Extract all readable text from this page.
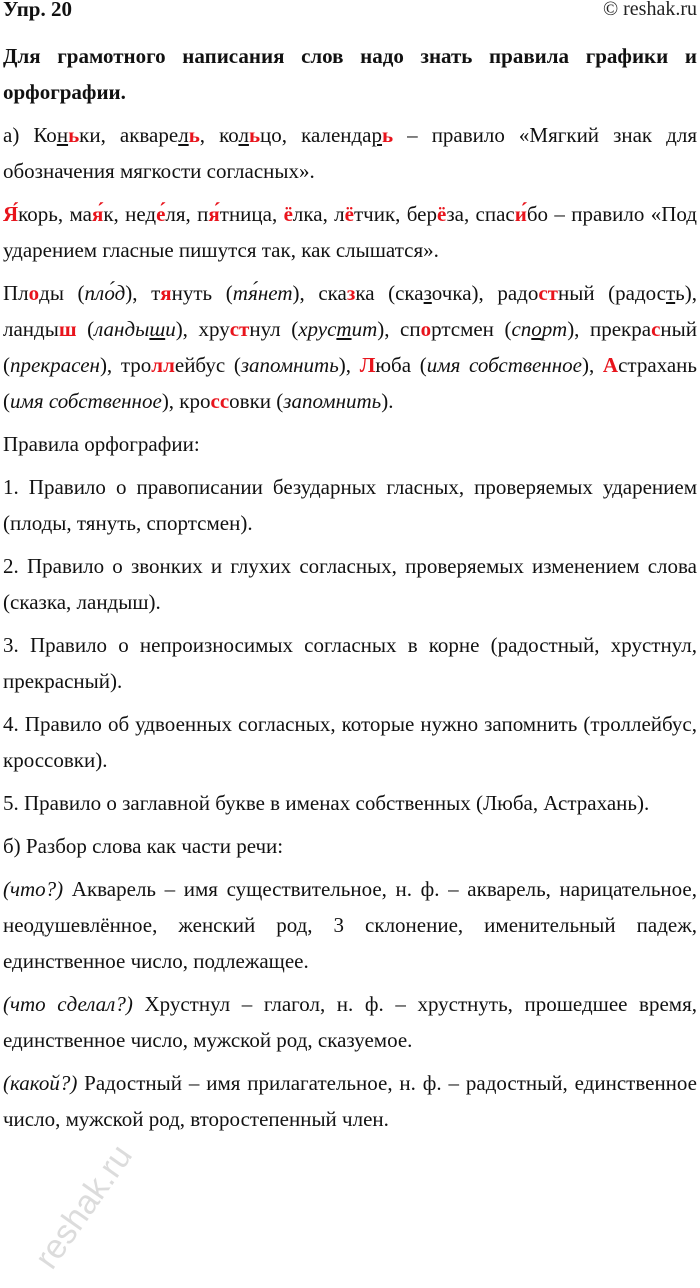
Упр. 20	© reshak.ru

Для грамотного написания слов надо знать правила графики и орфографии.

а) Коньки, акварель, кольцо, календарь – правило «Мягкий знак для обозначения мягкости согласных».

Я́корь, мая́к, неде́ля, пя́тница, ёлка, лётчик, берёза, спаси́бо – правило «Под ударением гласные пишутся так, как слышатся».

Плоды (пло́д), тянуть (тя́нет), сказка (сказочка), радостный (радость), ландыш (ландыши), хрустнул (хрустит), спортсмен (спорт), прекрасный (прекрасен), троллейбус (запомнить), Люба (имя собственное), Астрахань (имя собственное), кроссовки (запомнить).

Правила орфографии:

1. Правило о правописании безударных гласных, проверяемых ударением (плоды, тянуть, спортсмен).

2. Правило о звонких и глухих согласных, проверяемых изменением слова (сказка, ландыш).

3. Правило о непроизносимых согласных в корне (радостный, хрустнул, прекрасный).

4. Правило об удвоенных согласных, которые нужно запомнить (троллейбус, кроссовки).

5. Правило о заглавной букве в именах собственных (Люба, Астрахань).

б) Разбор слова как части речи:

(что?) Акварель – имя существительное, н. ф. – акварель, нарицательное, неодушевлённое, женский род, 3 склонение, именительный падеж, единственное число, подлежащее.

(что сделал?) Хрустнул – глагол, н. ф. – хрустнуть, прошедшее время, единственное число, мужской род, сказуемое.

(какой?) Радостный – имя прилагательное, н. ф. – радостный, единственное число, мужской род, второстепенный член.

reshak.ru
